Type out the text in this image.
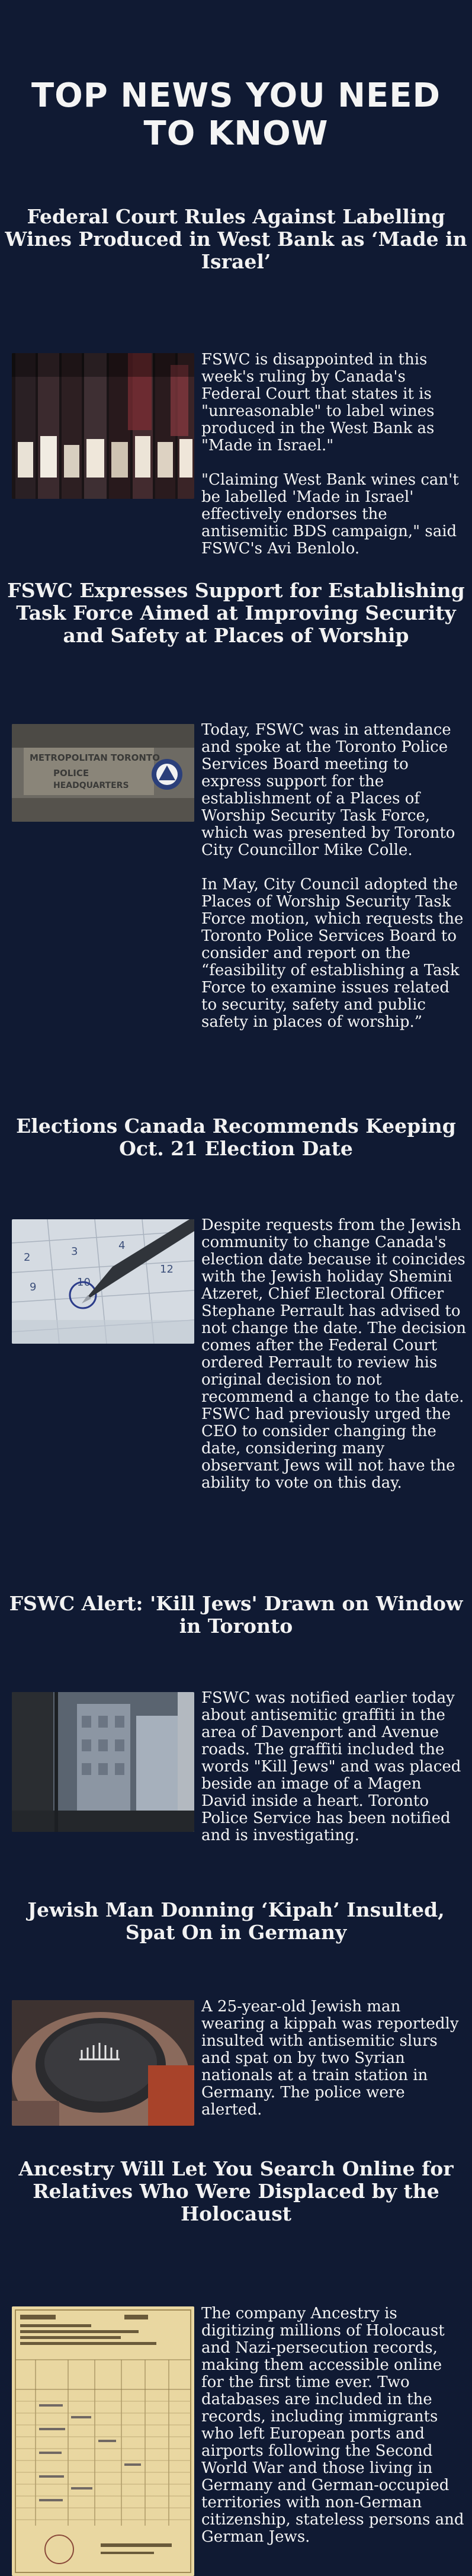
TOP NEWS YOU NEED TO KNOW
Federal Court Rules Against Labelling Wines Produced in West Bank as ‘Made in Israel’

FSWC is disappointed in this week's ruling by Canada's Federal Court that states it is "unreasonable" to label wines produced in the West Bank as "Made in Israel."

"Claiming West Bank wines can't be labelled 'Made in Israel' effectively endorses the antisemitic BDS campaign," said FSWC's Avi Benlolo.

FSWC Expresses Support for Establishing Task Force Aimed at Improving Security and Safety at Places of Worship
METROPOLITAN TORONTO
POLICE
HEADQUARTERS

Today, FSWC was in attendance and spoke at the Toronto Police Services Board meeting to express support for the establishment of a Places of Worship Security Task Force, which was presented by Toronto City Councillor Mike Colle.

In May, City Council adopted the Places of Worship Security Task Force motion, which requests the Toronto Police Services Board to consider and report on the “feasibility of establishing a Task Force to examine issues related to security, safety and public safety in places of worship.”

Elections Canada Recommends Keeping Oct. 21 Election Date
2	3	4
9	10
12

Despite requests from the Jewish community to change Canada's election date because it coincides with the Jewish holiday Shemini Atzeret, Chief Electoral Officer Stephane Perrault has advised to not change the date. The decision comes after the Federal Court ordered Perrault to review his original decision to not recommend a change to the date. FSWC had previously urged the CEO to consider changing the date, considering many observant Jews will not have the ability to vote on this day.

FSWC Alert: 'Kill Jews' Drawn on Window in Toronto

FSWC was notified earlier today about antisemitic graffiti in the area of Davenport and Avenue roads. The graffiti included the words "Kill Jews" and was placed beside an image of a Magen David inside a heart. Toronto Police Service has been notified and is investigating.

Jewish Man Donning ‘Kipah’ Insulted, Spat On in Germany

A 25-year-old Jewish man wearing a kippah was reportedly insulted with antisemitic slurs and spat on by two Syrian nationals at a train station in Germany. The police were alerted.

Ancestry Will Let You Search Online for Relatives Who Were Displaced by the Holocaust

The company Ancestry is digitizing millions of Holocaust and Nazi-persecution records, making them accessible online for the first time ever. Two databases are included in the records, including immigrants who left European ports and airports following the Second World War and those living in Germany and German-occupied territories with non-German citizenship, stateless persons and German Jews.
